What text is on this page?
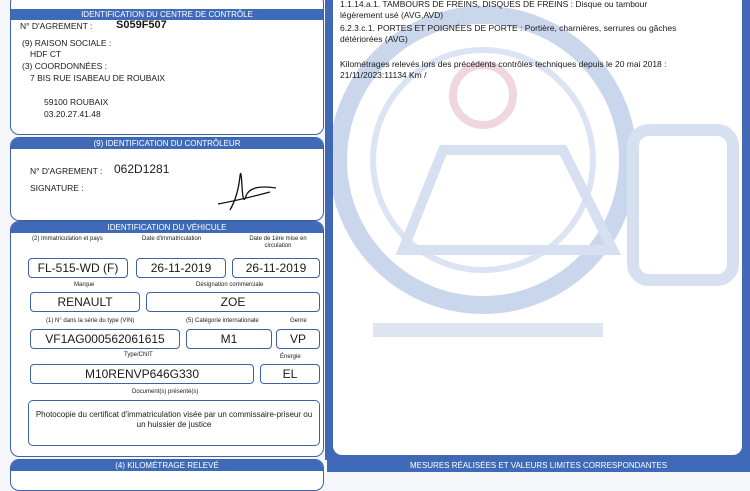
1.1.14.a.1. TAMBOURS DE FREINS, DISQUES DE FREINS : Disque ou tambour
légèrement usé (AVG,AVD)
6.2.3.c.1. PORTES ET POIGNÉES DE PORTE : Portière, charnières, serrures ou gâches
détériorées (AVG)
Kilométrages relevés lors des précédents contrôles techniques depuis le 20 mai 2018 :
21/11/2023:11134 Km /
MESURES RÉALISÉES ET VALEURS LIMITES CORRESPONDANTES
IDENTIFICATION DU CENTRE DE CONTRÔLE
N° D'AGREMENT : S059F507
(9) RAISON SOCIALE :
HDF CT
(3) COORDONNÉES :
7 BIS RUE ISABEAU DE ROUBAIX
59100 ROUBAIX
03.20.27.41.48
(9) IDENTIFICATION DU CONTRÔLEUR
N° D'AGREMENT : 062D1281
SIGNATURE :
IDENTIFICATION DU VÉHICULE
(2) Immatriculation et pays	Date d'immatriculation	Date de 1ère mise en circulation
FL-515-WD (F)	26-11-2019	26-11-2019
Marque	Désignation commerciale
RENAULT	ZOE
(1) N° dans la série du type (VIN)	(5) Catégorie internationale	Genre
VF1AG000562061615	M1	VP
Type/CNIT	Énergie
M10RENVP646G330	EL
Document(s) présenté(s)
Photocopie du certificat d'immatriculation visée par un commissaire-priseur ou un huissier de justice
(4) KILOMÉTRAGE RELEVÉ
